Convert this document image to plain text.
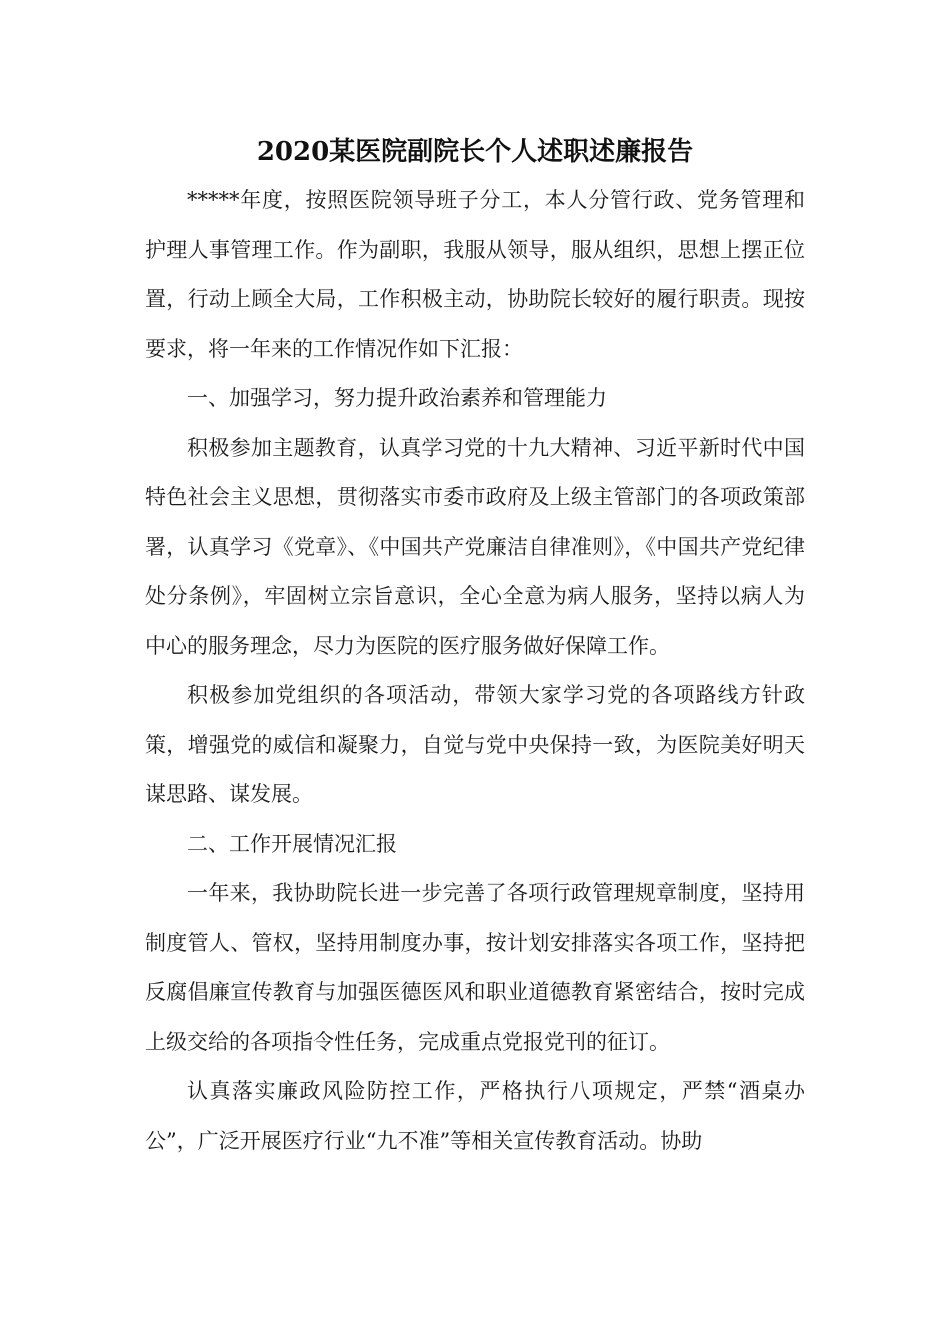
2020某医院副院长个人述职述廉报告

*****年度，按照医院领导班子分工，本人分管行政、党务管理和护理人事管理工作。作为副职，我服从领导，服从组织，思想上摆正位置，行动上顾全大局，工作积极主动，协助院长较好的履行职责。现按要求，将一年来的工作情况作如下汇报：

一、加强学习，努力提升政治素养和管理能力

积极参加主题教育，认真学习党的十九大精神、习近平新时代中国特色社会主义思想，贯彻落实市委市政府及上级主管部门的各项政策部署，认真学习《党章》、《中国共产党廉洁自律准则》，《中国共产党纪律处分条例》，牢固树立宗旨意识，全心全意为病人服务，坚持以病人为中心的服务理念，尽力为医院的医疗服务做好保障工作。

积极参加党组织的各项活动，带领大家学习党的各项路线方针政策，增强党的威信和凝聚力，自觉与党中央保持一致，为医院美好明天谋思路、谋发展。

二、工作开展情况汇报

一年来，我协助院长进一步完善了各项行政管理规章制度，坚持用制度管人、管权，坚持用制度办事，按计划安排落实各项工作，坚持把反腐倡廉宣传教育与加强医德医风和职业道德教育紧密结合，按时完成上级交给的各项指令性任务，完成重点党报党刊的征订。

认真落实廉政风险防控工作，严格执行八项规定，严禁“酒桌办公”，广泛开展医疗行业“九不准”等相关宣传教育活动。协助
